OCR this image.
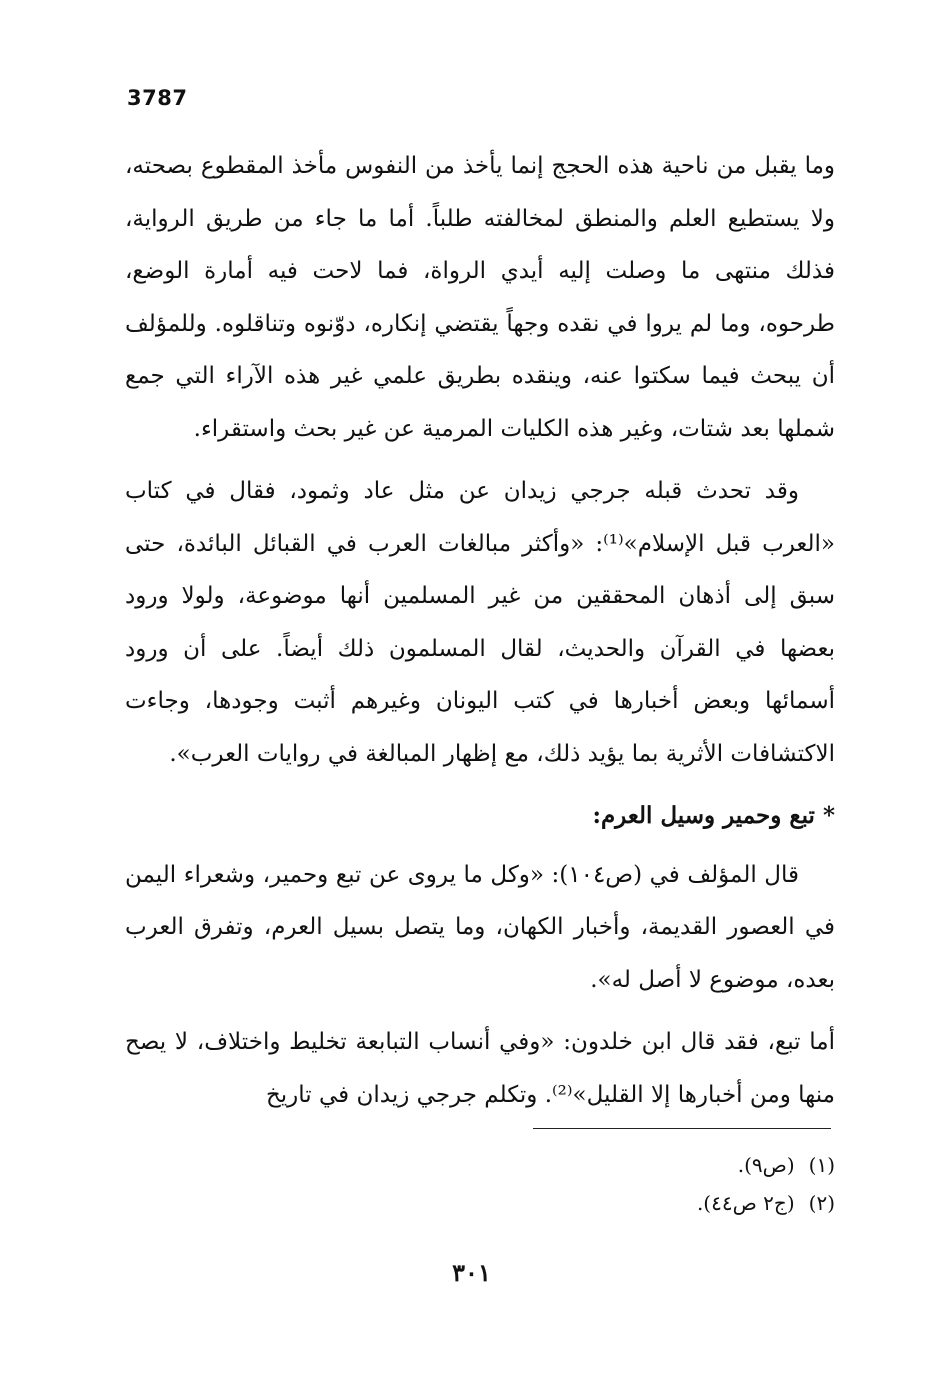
3787

وما يقبل من ناحية هذه الحجج إنما يأخذ من النفوس مأخذ المقطوع بصحته، ولا يستطيع العلم والمنطق لمخالفته طلباً. أما ما جاء من طريق الرواية، فذلك منتهى ما وصلت إليه أيدي الرواة، فما لاحت فيه أمارة الوضع، طرحوه، وما لم يروا في نقده وجهاً يقتضي إنكاره، دوّنوه وتناقلوه. وللمؤلف أن يبحث فيما سكتوا عنه، وينقده بطريق علمي غير هذه الآراء التي جمع شملها بعد شتات، وغير هذه الكليات المرمية عن غير بحث واستقراء.

وقد تحدث قبله جرجي زيدان عن مثل عاد وثمود، فقال في كتاب «العرب قبل الإسلام»⁽¹⁾: «وأكثر مبالغات العرب في القبائل البائدة، حتى سبق إلى أذهان المحققين من غير المسلمين أنها موضوعة، ولولا ورود بعضها في القرآن والحديث، لقال المسلمون ذلك أيضاً. على أن ورود أسمائها وبعض أخبارها في كتب اليونان وغيرهم أثبت وجودها، وجاءت الاكتشافات الأثرية بما يؤيد ذلك، مع إظهار المبالغة في روايات العرب».

*تبع وحمير وسيل العرم:

قال المؤلف في (ص١٠٤): «وكل ما يروى عن تبع وحمير، وشعراء اليمن في العصور القديمة، وأخبار الكهان، وما يتصل بسيل العرم، وتفرق العرب بعده، موضوع لا أصل له».

أما تبع، فقد قال ابن خلدون: «وفي أنساب التبابعة تخليط واختلاف، لا يصح منها ومن أخبارها إلا القليل»⁽²⁾. وتكلم جرجي زيدان في تاريخ

(١)(ص٩).

(٢)(ج٢ ص٤٤).

٣٠١
